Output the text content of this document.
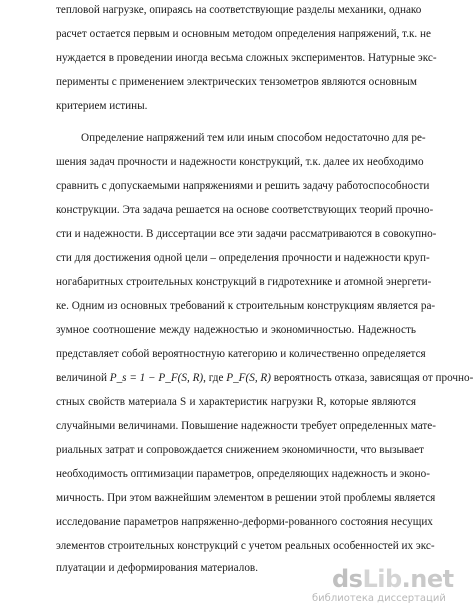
тепловой нагрузке, опираясь на соответствующие разделы механики, однако
расчет остается первым и основным методом определения напряжений, т.к. не
нуждается в проведении иногда весьма сложных экспериментов. Натурные экс-
перименты с применением электрических тензометров являются основным
критерием истины.
Определение напряжений тем или иным способом недостаточно для ре-
шения задач прочности и надежности конструкций, т.к. далее их необходимо
сравнить с допускаемыми напряжениями и решить задачу работоспособности
конструкции. Эта задача решается на основе соответствующих теорий прочно-
сти и надежности. В диссертации все эти задачи рассматриваются в совокупно-
сти для достижения одной цели – определения прочности и надежности круп-
ногабаритных строительных конструкций в гидротехнике и атомной энергети-
ке. Одним из основных требований к строительным конструкциям является ра-
зумное соотношение между надежностью и экономичностью. Надежность
представляет собой вероятностную категорию и количественно определяется
величиной P_s = 1 − P_F(S, R), где P_F(S, R) вероятность отказа, зависящая от прочно-
стных свойств материала S и характеристик нагрузки R, которые являются
случайными величинами. Повышение надежности требует определенных мате-
риальных затрат и сопровождается снижением экономичности, что вызывает
необходимость оптимизации параметров, определяющих надежность и эконо-
мичность. При этом важнейшим элементом в решении этой проблемы является
исследование параметров напряженно-деформи-рованного состояния несущих
элементов строительных конструкций с учетом реальных особенностей их экс-
плуатации и деформирования материалов.	dsLib.net
библиотека диссертаций
